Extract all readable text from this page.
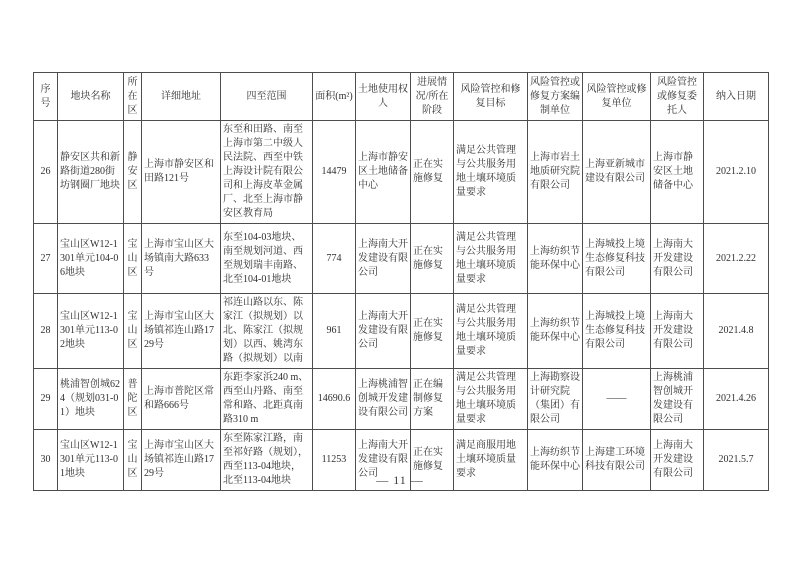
序号	地块名称	所在区	详细地址	四至范围	面积(m²)	土地使用权人	进展情况/所在阶段	风险管控和修复目标	风险管控或修复方案编制单位	风险管控或修复单位	风险管控或修复委托人	纳入日期
26	静安区共和新路街道280街坊钢圈厂地块	静安区	上海市静安区和田路121号	东至和田路、南至上海市第二中级人民法院、西至中铁上海设计院有限公司和上海皮革金属厂、北至上海市静安区教育局	14479	上海市静安区土地储备中心	正在实施修复	满足公共管理与公共服务用地土壤环境质量要求	上海市岩土地质研究院有限公司	上海亚新城市建设有限公司	上海市静安区土地储备中心	2021.2.10
27	宝山区W12-1301单元104-06地块	宝山区	上海市宝山区大场镇南大路633号	东至104-03地块、南至规划河道、西至规划瑞丰南路、北至104-01地块	774	上海南大开发建设有限公司	正在实施修复	满足公共管理与公共服务用地土壤环境质量要求	上海纺织节能环保中心	上海城投上境生态修复科技有限公司	上海南大开发建设有限公司	2021.2.22
28	宝山区W12-1301单元113-02地块	宝山区	上海市宝山区大场镇祁连山路1729号	祁连山路以东、陈家江（拟规划）以北、陈家江（拟规划）以西、姚湾东路（拟规划）以南	961	上海南大开发建设有限公司	正在实施修复	满足公共管理与公共服务用地土壤环境质量要求	上海纺织节能环保中心	上海城投上境生态修复科技有限公司	上海南大开发建设有限公司	2021.4.8
29	桃浦智创城624（规划031-01）地块	普陀区	上海市普陀区常和路666号	东距李家浜240 m、西至山丹路、南至常和路、北距真南路310 m	14690.6	上海桃浦智创城开发建设有限公司	正在编制修复方案	满足公共管理与公共服务用地土壤环境质量要求	上海勘察设计研究院（集团）有限公司	——	上海桃浦智创城开发建设有限公司	2021.4.26
30	宝山区W12-1301单元113-01地块	宝山区	上海市宝山区大场镇祁连山路1729号	东至陈家江路，南至祁好路（规划），西至113-04地块，北至113-04地块	11253	上海南大开发建设有限公司	正在实施修复	满足商服用地土壤环境质量要求	上海纺织节能环保中心	上海建工环境科技有限公司	上海南大开发建设有限公司	2021.5.7
— 11 —
